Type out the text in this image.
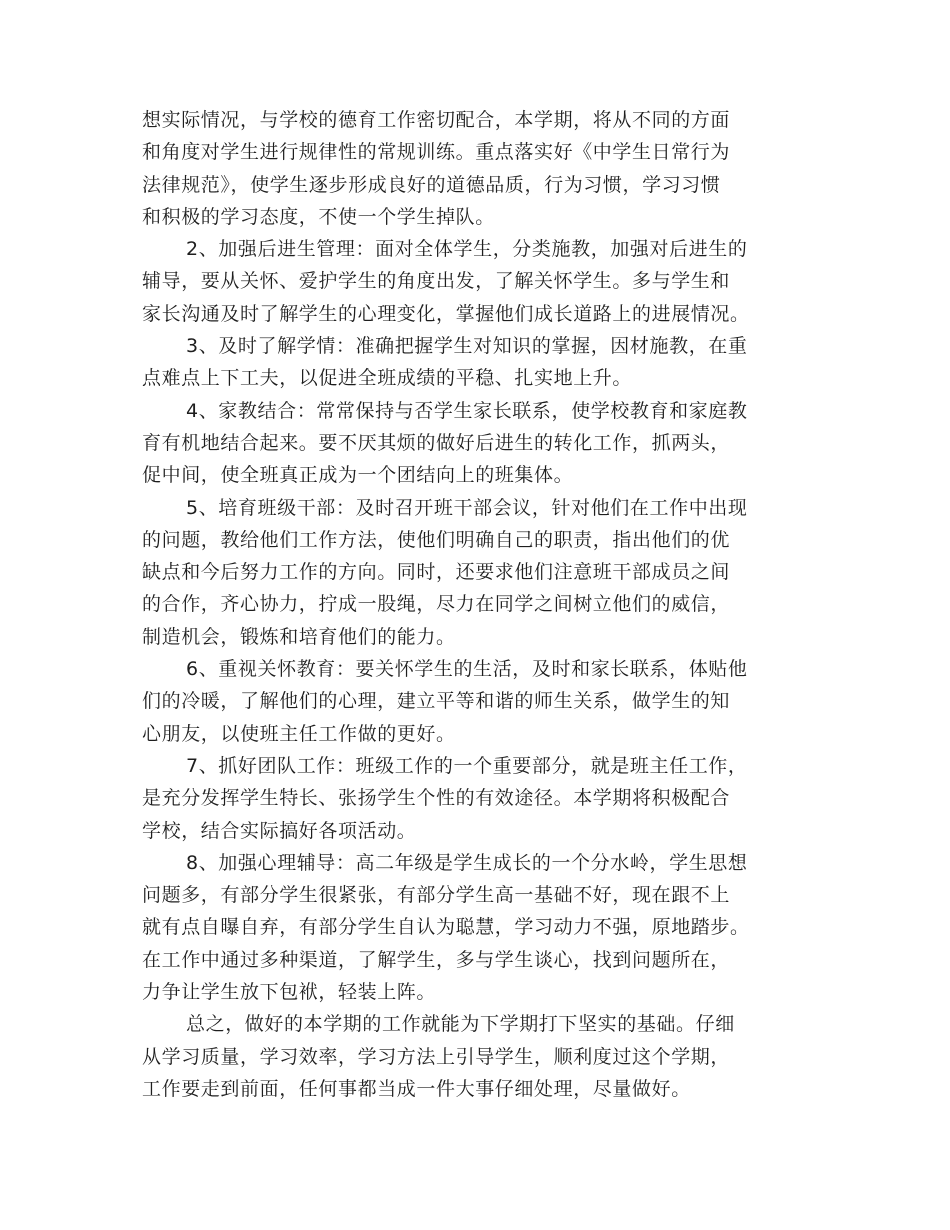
想实际情况，与学校的德育工作密切配合，本学期，将从不同的方面
和角度对学生进行规律性的常规训练。重点落实好《中学生日常行为
法律规范》，使学生逐步形成良好的道德品质，行为习惯，学习习惯
和积极的学习态度，不使一个学生掉队。

2、加强后进生管理：面对全体学生，分类施教，加强对后进生的
辅导，要从关怀、爱护学生的角度出发，了解关怀学生。多与学生和
家长沟通及时了解学生的心理变化，掌握他们成长道路上的进展情况。

3、及时了解学情：准确把握学生对知识的掌握，因材施教，在重
点难点上下工夫，以促进全班成绩的平稳、扎实地上升。

4、家教结合：常常保持与否学生家长联系，使学校教育和家庭教
育有机地结合起来。要不厌其烦的做好后进生的转化工作，抓两头，
促中间，使全班真正成为一个团结向上的班集体。

5、培育班级干部：及时召开班干部会议，针对他们在工作中出现
的问题，教给他们工作方法，使他们明确自己的职责，指出他们的优
缺点和今后努力工作的方向。同时，还要求他们注意班干部成员之间
的合作，齐心协力，拧成一股绳，尽力在同学之间树立他们的威信，
制造机会，锻炼和培育他们的能力。

6、重视关怀教育：要关怀学生的生活，及时和家长联系，体贴他
们的冷暖，了解他们的心理，建立平等和谐的师生关系，做学生的知
心朋友，以使班主任工作做的更好。

7、抓好团队工作：班级工作的一个重要部分，就是班主任工作，
是充分发挥学生特长、张扬学生个性的有效途径。本学期将积极配合
学校，结合实际搞好各项活动。

8、加强心理辅导：高二年级是学生成长的一个分水岭，学生思想
问题多，有部分学生很紧张，有部分学生高一基础不好，现在跟不上
就有点自曝自弃，有部分学生自认为聪慧，学习动力不强，原地踏步。
在工作中通过多种渠道，了解学生，多与学生谈心，找到问题所在，
力争让学生放下包袱，轻装上阵。

总之，做好的本学期的工作就能为下学期打下坚实的基础。仔细
从学习质量，学习效率，学习方法上引导学生，顺利度过这个学期，
工作要走到前面，任何事都当成一件大事仔细处理，尽量做好。
